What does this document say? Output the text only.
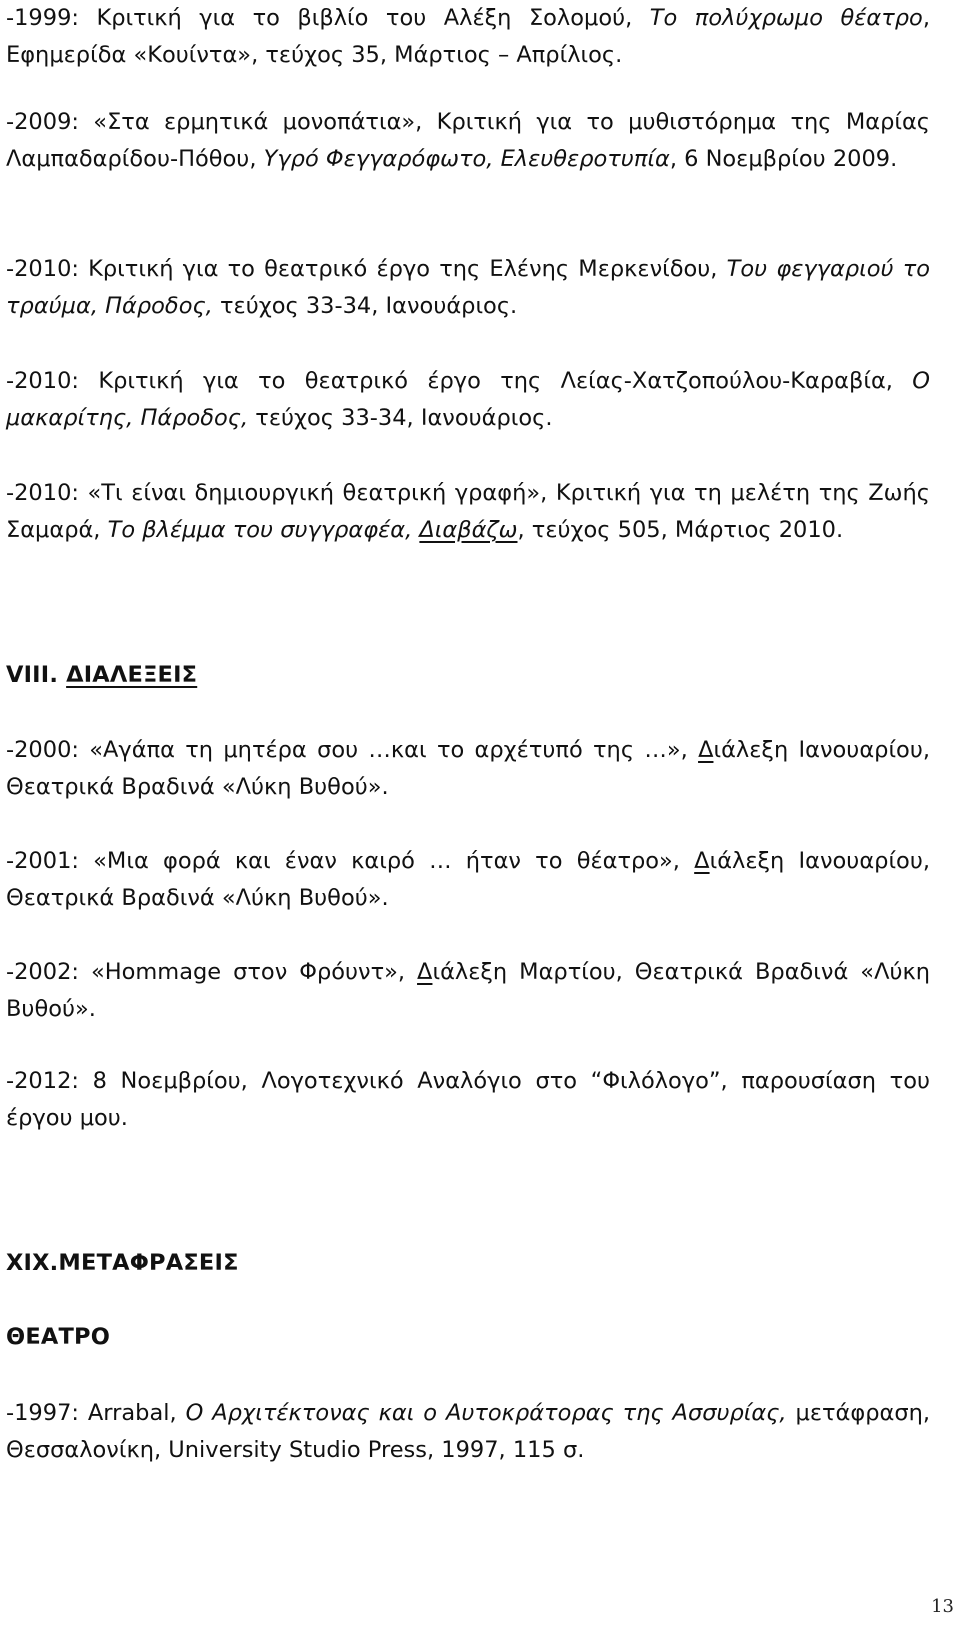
-1999: Κριτική για το βιβλίο του Αλέξη Σολομού, Το πολύχρωμο θέατρο, Εφημερίδα «Κουίντα», τεύχος 35, Μάρτιος – Απρίλιος.
-2009: «Στα ερμητικά μονοπάτια», Κριτική για το μυθιστόρημα της Μαρίας Λαμπαδαρίδου-Πόθου, Υγρό Φεγγαρόφωτο, Ελευθεροτυπία, 6 Νοεμβρίου 2009.
-2010: Κριτική για το θεατρικό έργο της Ελένης Μερκενίδου, Του φεγγαριού το τραύμα, Πάροδος, τεύχος 33-34, Ιανουάριος.
-2010: Κριτική για το θεατρικό έργο της Λείας-Χατζοπούλου-Καραβία, Ο μακαρίτης, Πάροδος, τεύχος 33-34, Ιανουάριος.
-2010: «Τι είναι δημιουργική θεατρική γραφή», Κριτική για τη μελέτη της Ζωής Σαμαρά, Το βλέμμα του συγγραφέα, Διαβάζω, τεύχος 505, Μάρτιος 2010.
VIII. ΔΙΑΛΕΞΕΙΣ
-2000: «Αγάπα τη μητέρα σου …και το αρχέτυπό της …», Διάλεξη Ιανουαρίου, Θεατρικά Βραδινά «Λύκη Βυθού».
-2001: «Μια φορά και έναν καιρό … ήταν το θέατρο», Διάλεξη Ιανουαρίου, Θεατρικά Βραδινά «Λύκη Βυθού».
-2002: «Hommage στον Φρόυντ», Διάλεξη Μαρτίου, Θεατρικά Βραδινά «Λύκη Βυθού».
-2012: 8 Νοεμβρίου, Λογοτεχνικό Αναλόγιο στο “Φιλόλογο”, παρουσίαση του έργου μου.
XIX.ΜΕΤΑΦΡΑΣΕΙΣ
ΘΕΑΤΡΟ
-1997: Arrabal, Ο Αρχιτέκτονας και ο Αυτοκράτορας της Ασσυρίας, μετάφραση, Θεσσαλονίκη, University Studio Press, 1997, 115 σ.
13
